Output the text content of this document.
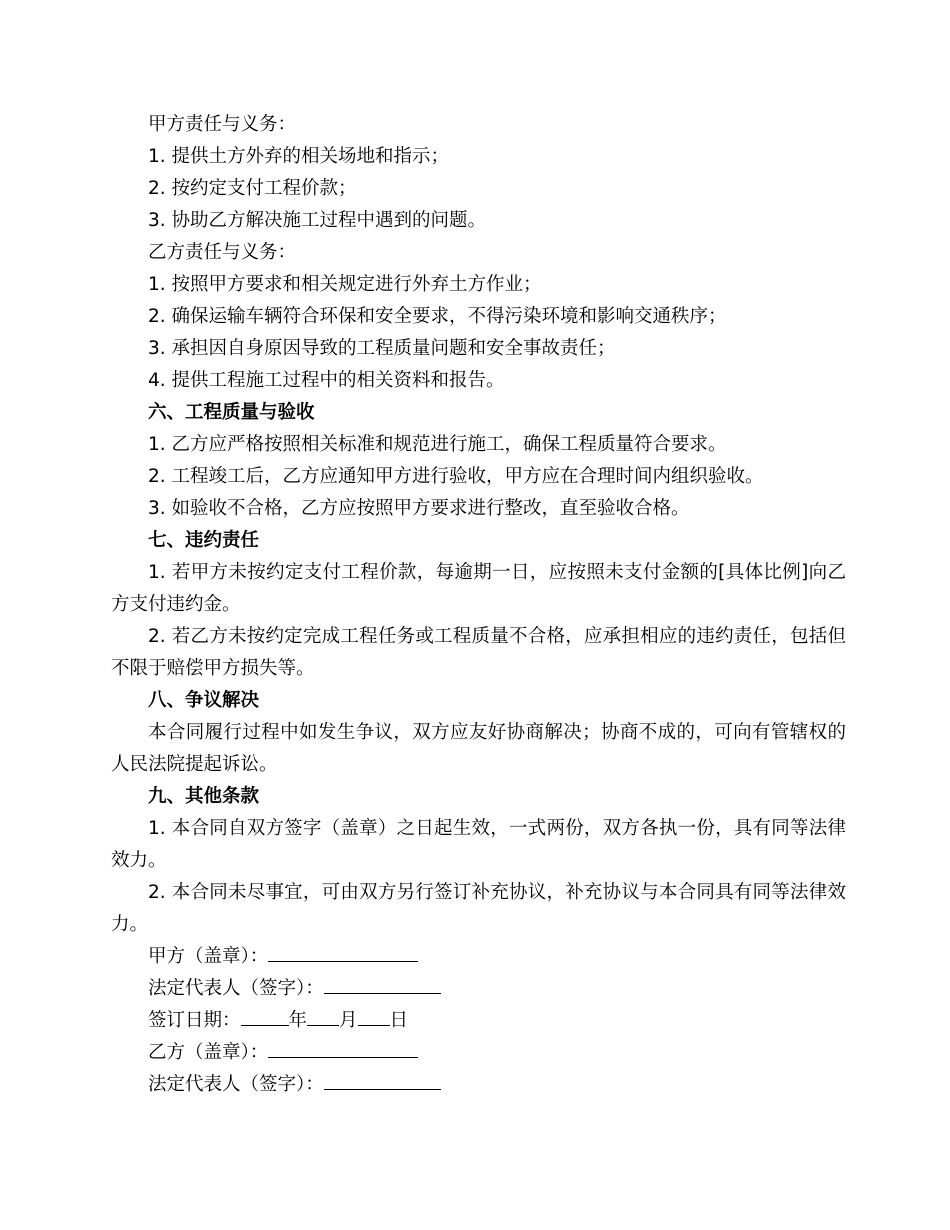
甲方责任与义务：
1. 提供土方外弃的相关场地和指示；
2. 按约定支付工程价款；
3. 协助乙方解决施工过程中遇到的问题。
乙方责任与义务：
1. 按照甲方要求和相关规定进行外弃土方作业；
2. 确保运输车辆符合环保和安全要求，不得污染环境和影响交通秩序；
3. 承担因自身原因导致的工程质量问题和安全事故责任；
4. 提供工程施工过程中的相关资料和报告。
六、工程质量与验收
1. 乙方应严格按照相关标准和规范进行施工，确保工程质量符合要求。
2. 工程竣工后，乙方应通知甲方进行验收，甲方应在合理时间内组织验收。
3. 如验收不合格，乙方应按照甲方要求进行整改，直至验收合格。
七、违约责任
1. 若甲方未按约定支付工程价款，每逾期一日，应按照未支付金额的[具体比例]向乙方支付违约金。
2. 若乙方未按约定完成工程任务或工程质量不合格，应承担相应的违约责任，包括但不限于赔偿甲方损失等。
八、争议解决
本合同履行过程中如发生争议，双方应友好协商解决；协商不成的，可向有管辖权的人民法院提起诉讼。
九、其他条款
1. 本合同自双方签字（盖章）之日起生效，一式两份，双方各执一份，具有同等法律效力。
2. 本合同未尽事宜，可由双方另行签订补充协议，补充协议与本合同具有同等法律效力。
甲方（盖章）：
法定代表人（签字）：
签订日期：	年 月 日
乙方（盖章）：
法定代表人（签字）：
